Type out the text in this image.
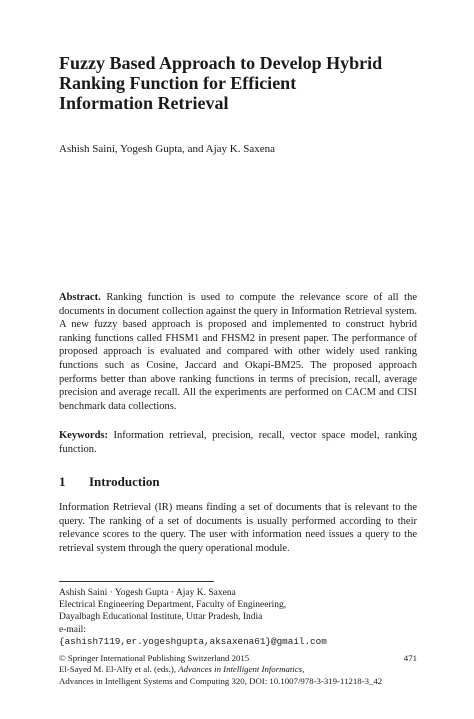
Fuzzy Based Approach to Develop Hybrid
Ranking Function for Efficient
Information Retrieval

Ashish Saini, Yogesh Gupta, and Ajay K. Saxena

Abstract. Ranking function is used to compute the relevance score of all the documents in document collection against the query in Information Retrieval system. A new fuzzy based approach is proposed and implemented to construct hybrid ranking functions called FHSM1 and FHSM2 in present paper. The performance of proposed approach is evaluated and compared with other widely used ranking functions such as Cosine, Jaccard and Okapi-BM25. The proposed approach performs better than above ranking functions in terms of precision, recall, average precision and average recall. All the experiments are performed on CACM and CISI benchmark data collections.

Keywords: Information retrieval, precision, recall, vector space model, ranking function.

1 Introduction

Information Retrieval (IR) means finding a set of documents that is relevant to the query. The ranking of a set of documents is usually performed according to their relevance scores to the query. The user with information need issues a query to the retrieval system through the query operational module.

Ashish Saini · Yogesh Gupta · Ajay K. Saxena
Electrical Engineering Department, Faculty of Engineering,
Dayalbagh Educational Institute, Uttar Pradesh, India
e-mail:
{ashish7119,er.yogeshgupta,aksaxena61}@gmail.com
© Springer International Publishing Switzerland 2015	471
El-Sayed M. El-Alfy et al. (eds.), Advances in Intelligent Informatics,
Advances in Intelligent Systems and Computing 320, DOI: 10.1007/978-3-319-11218-3_42
